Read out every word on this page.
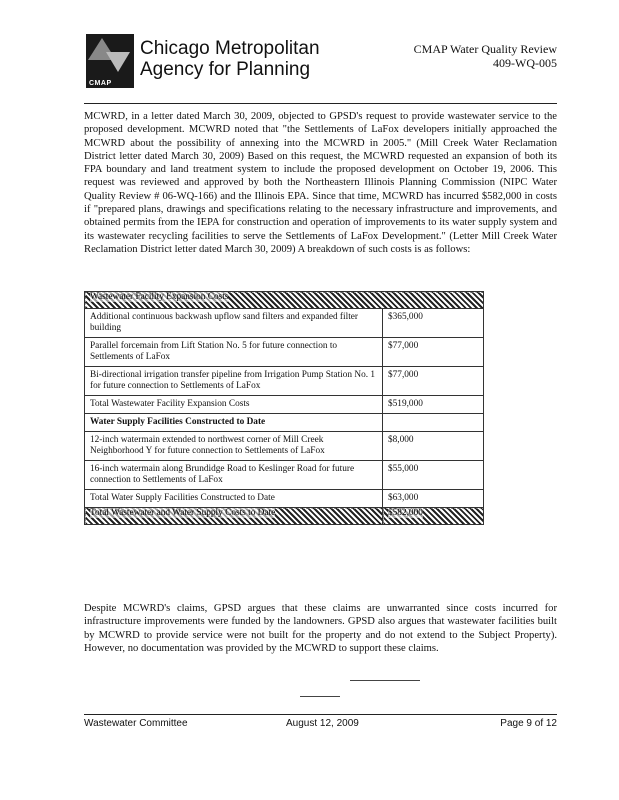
CMAP
Chicago Metropolitan
Agency for Planning
CMAP Water Quality Review
409-WQ-005

MCWRD, in a letter dated March 30, 2009, objected to GPSD's request to provide wastewater service to the proposed development. MCWRD noted that "the Settlements of LaFox developers initially approached the MCWRD about the possibility of annexing into the MCWRD in 2005." (Mill Creek Water Reclamation District letter dated March 30, 2009) Based on this request, the MCWRD requested an expansion of both its FPA boundary and land treatment system to include the proposed development on October 19, 2006. This request was reviewed and approved by both the Northeastern Illinois Planning Commission (NIPC Water Quality Review # 06-WQ-166) and the Illinois EPA. Since that time, MCWRD has incurred $582,000 in costs if "prepared plans, drawings and specifications relating to the necessary infrastructure and improvements, and obtained permits from the IEPA for construction and operation of improvements to its water supply system and its wastewater recycling facilities to serve the Settlements of LaFox Development." (Letter Mill Creek Water Reclamation District letter dated March 30, 2009) A breakdown of such costs is as follows:

Wastewater Facility Expansion Costs	
Additional continuous backwash upflow sand filters and expanded filter building	$365,000
Parallel forcemain from Lift Station No. 5 for future connection to Settlements of LaFox	$77,000
Bi-directional irrigation transfer pipeline from Irrigation Pump Station No. 1 for future connection to Settlements of LaFox	$77,000
Total Wastewater Facility Expansion Costs	$519,000
Water Supply Facilities Constructed to Date	
12-inch watermain extended to northwest corner of Mill Creek Neighborhood Y for future connection to Settlements of LaFox	$8,000
16-inch watermain along Brundidge Road to Keslinger Road for future connection to Settlements of LaFox	$55,000
Total Water Supply Facilities Constructed to Date	$63,000
Total Wastewater and Water Supply Costs to Date	$582,000

Despite MCWRD's claims, GPSD argues that these claims are unwarranted since costs incurred for infrastructure improvements were funded by the landowners. GPSD also argues that wastewater facilities built by MCWRD to provide service were not built for the property and do not extend to the Subject Property). However, no documentation was provided by the MCWRD to support these claims.

Wastewater Committee	August 12, 2009	Page 9 of 12
